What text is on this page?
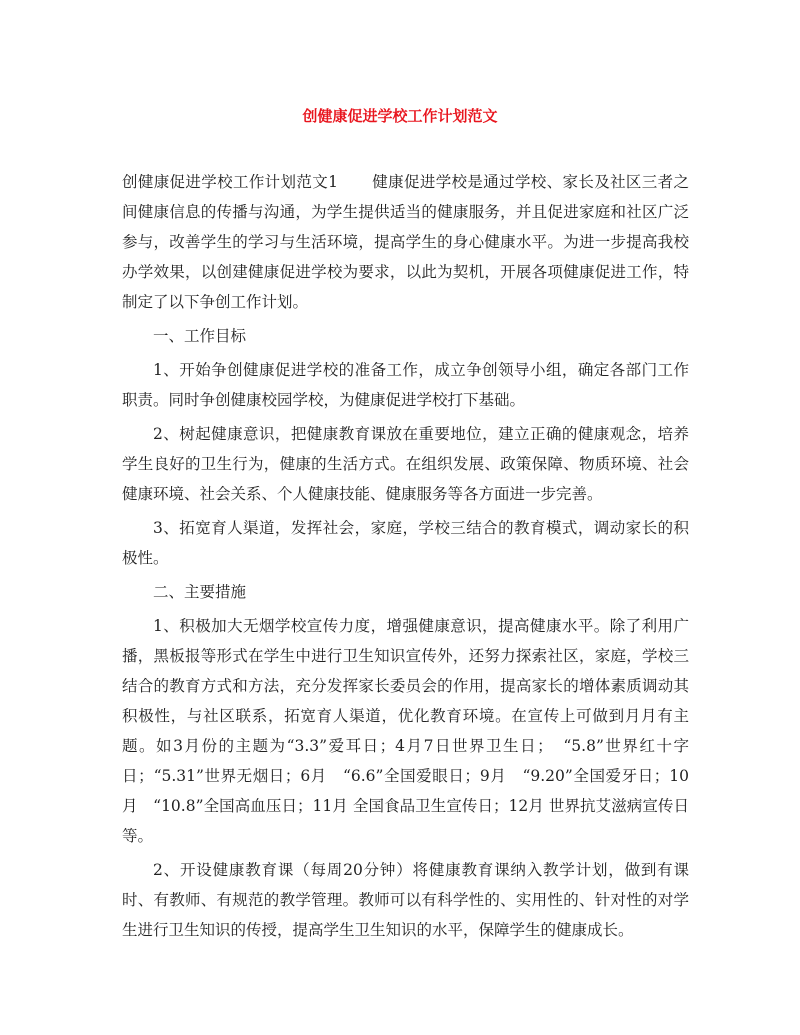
创健康促进学校工作计划范文

创健康促进学校工作计划范文1 健康促进学校是通过学校、家长及社区三者之间健康信息的传播与沟通，为学生提供适当的健康服务，并且促进家庭和社区广泛参与，改善学生的学习与生活环境，提高学生的身心健康水平。为进一步提高我校办学效果，以创建健康促进学校为要求，以此为契机，开展各项健康促进工作，特制定了以下争创工作计划。

一、工作目标

1、开始争创健康促进学校的准备工作，成立争创领导小组，确定各部门工作职责。同时争创健康校园学校，为健康促进学校打下基础。

2、树起健康意识，把健康教育课放在重要地位，建立正确的健康观念，培养学生良好的卫生行为，健康的生活方式。在组织发展、政策保障、物质环境、社会健康环境、社会关系、个人健康技能、健康服务等各方面进一步完善。

3、拓宽育人渠道，发挥社会，家庭，学校三结合的教育模式，调动家长的积极性。

二、主要措施

1、积极加大无烟学校宣传力度，增强健康意识，提高健康水平。除了利用广播，黑板报等形式在学生中进行卫生知识宣传外，还努力探索社区，家庭，学校三结合的教育方式和方法，充分发挥家长委员会的作用，提高家长的增体素质调动其积极性，与社区联系，拓宽育人渠道，优化教育环境。在宣传上可做到月月有主题。如3月份的主题为“3.3”爱耳日；4月7日世界卫生日；　“5.8”世界红十字日；“5.31”世界无烟日；6月　“6.6”全国爱眼日；9月　“9.20”全国爱牙日；10月　“10.8”全国高血压日；11月 全国食品卫生宣传日；12月 世界抗艾滋病宣传日等。

2、开设健康教育课（每周20分钟）将健康教育课纳入教学计划，做到有课时、有教师、有规范的教学管理。教师可以有科学性的、实用性的、针对性的对学生进行卫生知识的传授，提高学生卫生知识的水平，保障学生的健康成长。
